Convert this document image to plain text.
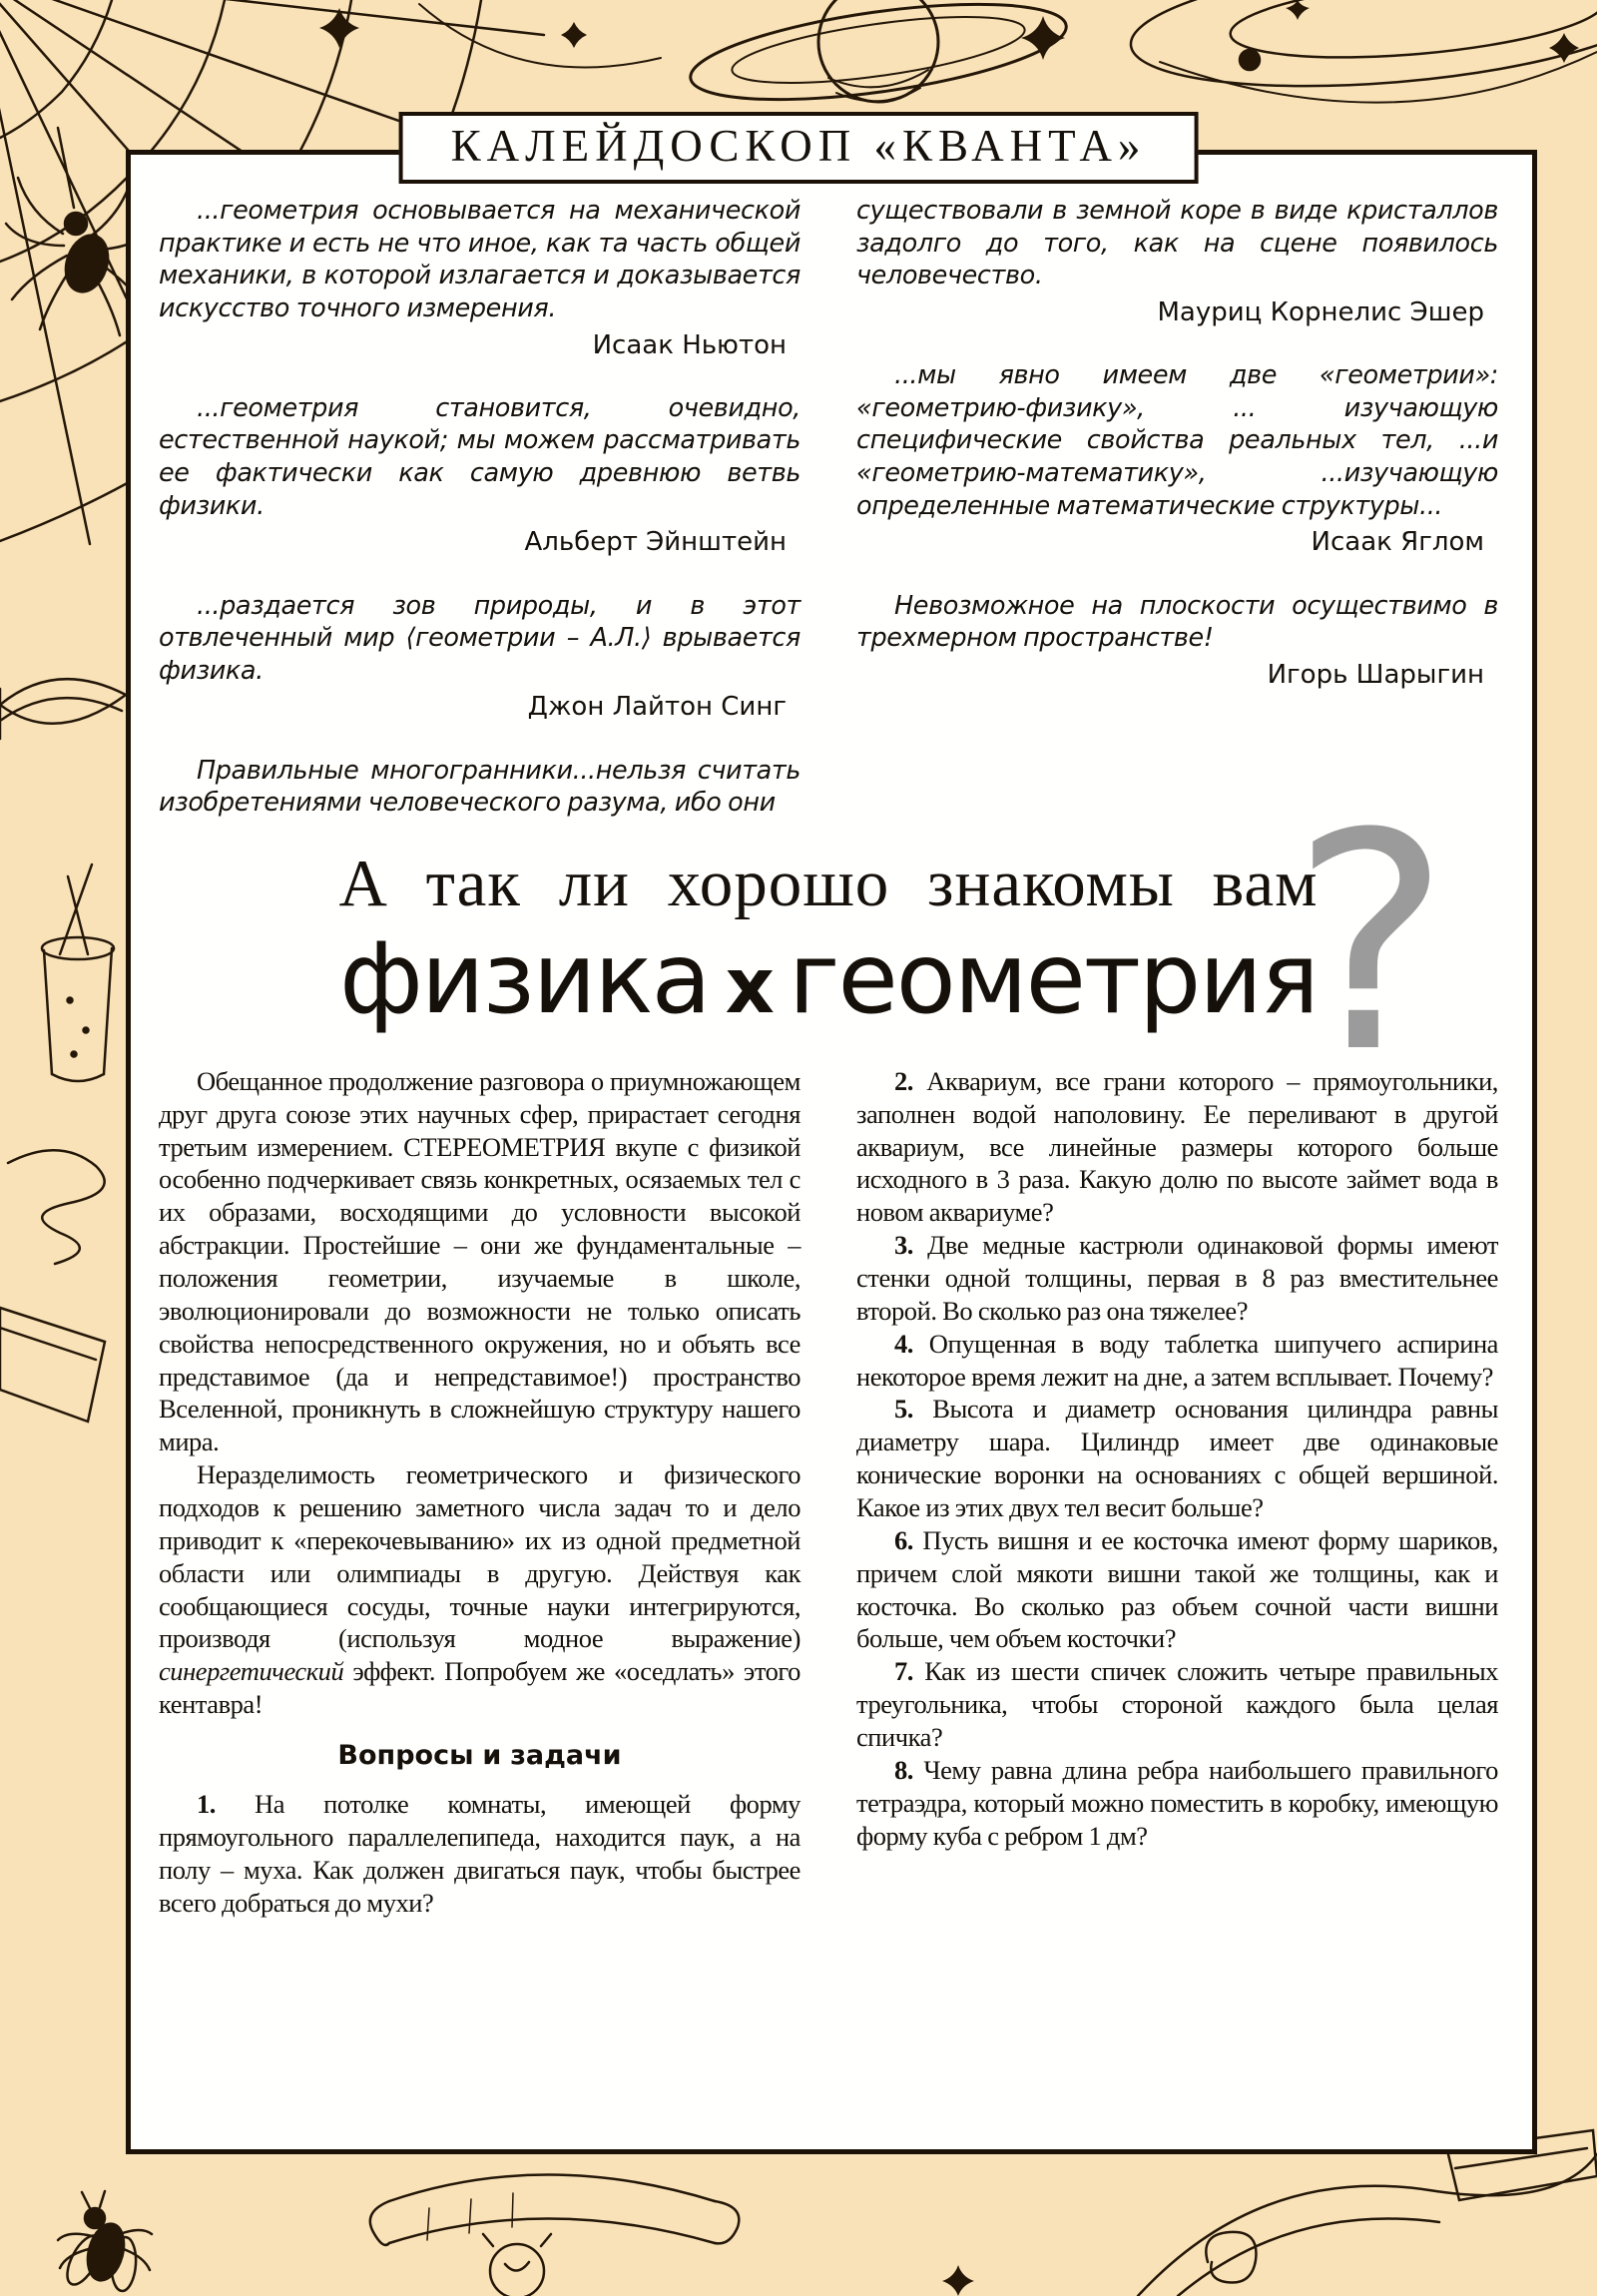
КАЛЕЙДОСКОП «КВАНТА»

...геометрия основывается на механической практике и есть не что иное, как та часть общей механики, в которой излагается и доказывается искусство точного измерения.

Исаак Ньютон

...геометрия становится, очевидно, естественной наукой; мы можем рассматривать ее фактически как самую древнюю ветвь физики.

Альберт Эйнштейн

...раздается зов природы, и в этот отвлеченный мир ⟨геометрии – А.Л.⟩ врывается физика.

Джон Лайтон Синг

Правильные многогранники...нельзя считать изобретениями человеческого разума, ибо они

существовали в земной коре в виде кристаллов задолго до того, как на сцене появилось человечество.

Мауриц Корнелис Эшер

...мы явно имеем две «геометрии»: «геометрию-физику», ... изучающую специфические свойства реальных тел, ...и «геометрию-математику», ...изучающую определенные математические структуры...

Исаак Яглом

Невозможное на плоскости осуществимо в трехмерном пространстве!

Игорь Шарыгин
?
А так ли хорошо знакомы вам
физика х геометрия

Обещанное продолжение разговора о приумножающем друг друга союзе этих научных сфер, прирастает сегодня третьим измерением. СТЕРЕОМЕТРИЯ вкупе с физикой особенно подчеркивает связь конкретных, осязаемых тел с их образами, восходящими до условности высокой абстракции. Простейшие – они же фундаментальные – положения геометрии, изучаемые в школе, эволюционировали до возможности не только описать свойства непосредственного окружения, но и объять все представимое (да и непредставимое!) пространство Вселенной, проникнуть в сложнейшую структуру нашего мира.

Неразделимость геометрического и физического подходов к решению заметного числа задач то и дело приводит к «перекочевыванию» их из одной предметной области или олимпиады в другую. Действуя как сообщающиеся сосуды, точные науки интегрируются, производя (используя модное выражение) синергетический эффект. Попробуем же «оседлать» этого кентавра!

Вопросы и задачи

1. На потолке комнаты, имеющей форму прямоугольного параллелепипеда, находится паук, а на полу – муха. Как должен двигаться паук, чтобы быстрее всего добраться до мухи?

2. Аквариум, все грани которого – прямоугольники, заполнен водой наполовину. Ее переливают в другой аквариум, все линейные размеры которого больше исходного в 3 раза. Какую долю по высоте займет вода в новом аквариуме?

3. Две медные кастрюли одинаковой формы имеют стенки одной толщины, первая в 8 раз вместительнее второй. Во сколько раз она тяжелее?

4. Опущенная в воду таблетка шипучего аспирина некоторое время лежит на дне, а затем всплывает. Почему?

5. Высота и диаметр основания цилиндра равны диаметру шара. Цилиндр имеет две одинаковые конические воронки на основаниях с общей вершиной. Какое из этих двух тел весит больше?

6. Пусть вишня и ее косточка имеют форму шариков, причем слой мякоти вишни такой же толщины, как и косточка. Во сколько раз объем сочной части вишни больше, чем объем косточки?

7. Как из шести спичек сложить четыре правильных треугольника, чтобы стороной каждого была целая спичка?

8. Чему равна длина ребра наибольшего правильного тетраэдра, который можно поместить в коробку, имеющую форму куба с ребром 1 дм?
